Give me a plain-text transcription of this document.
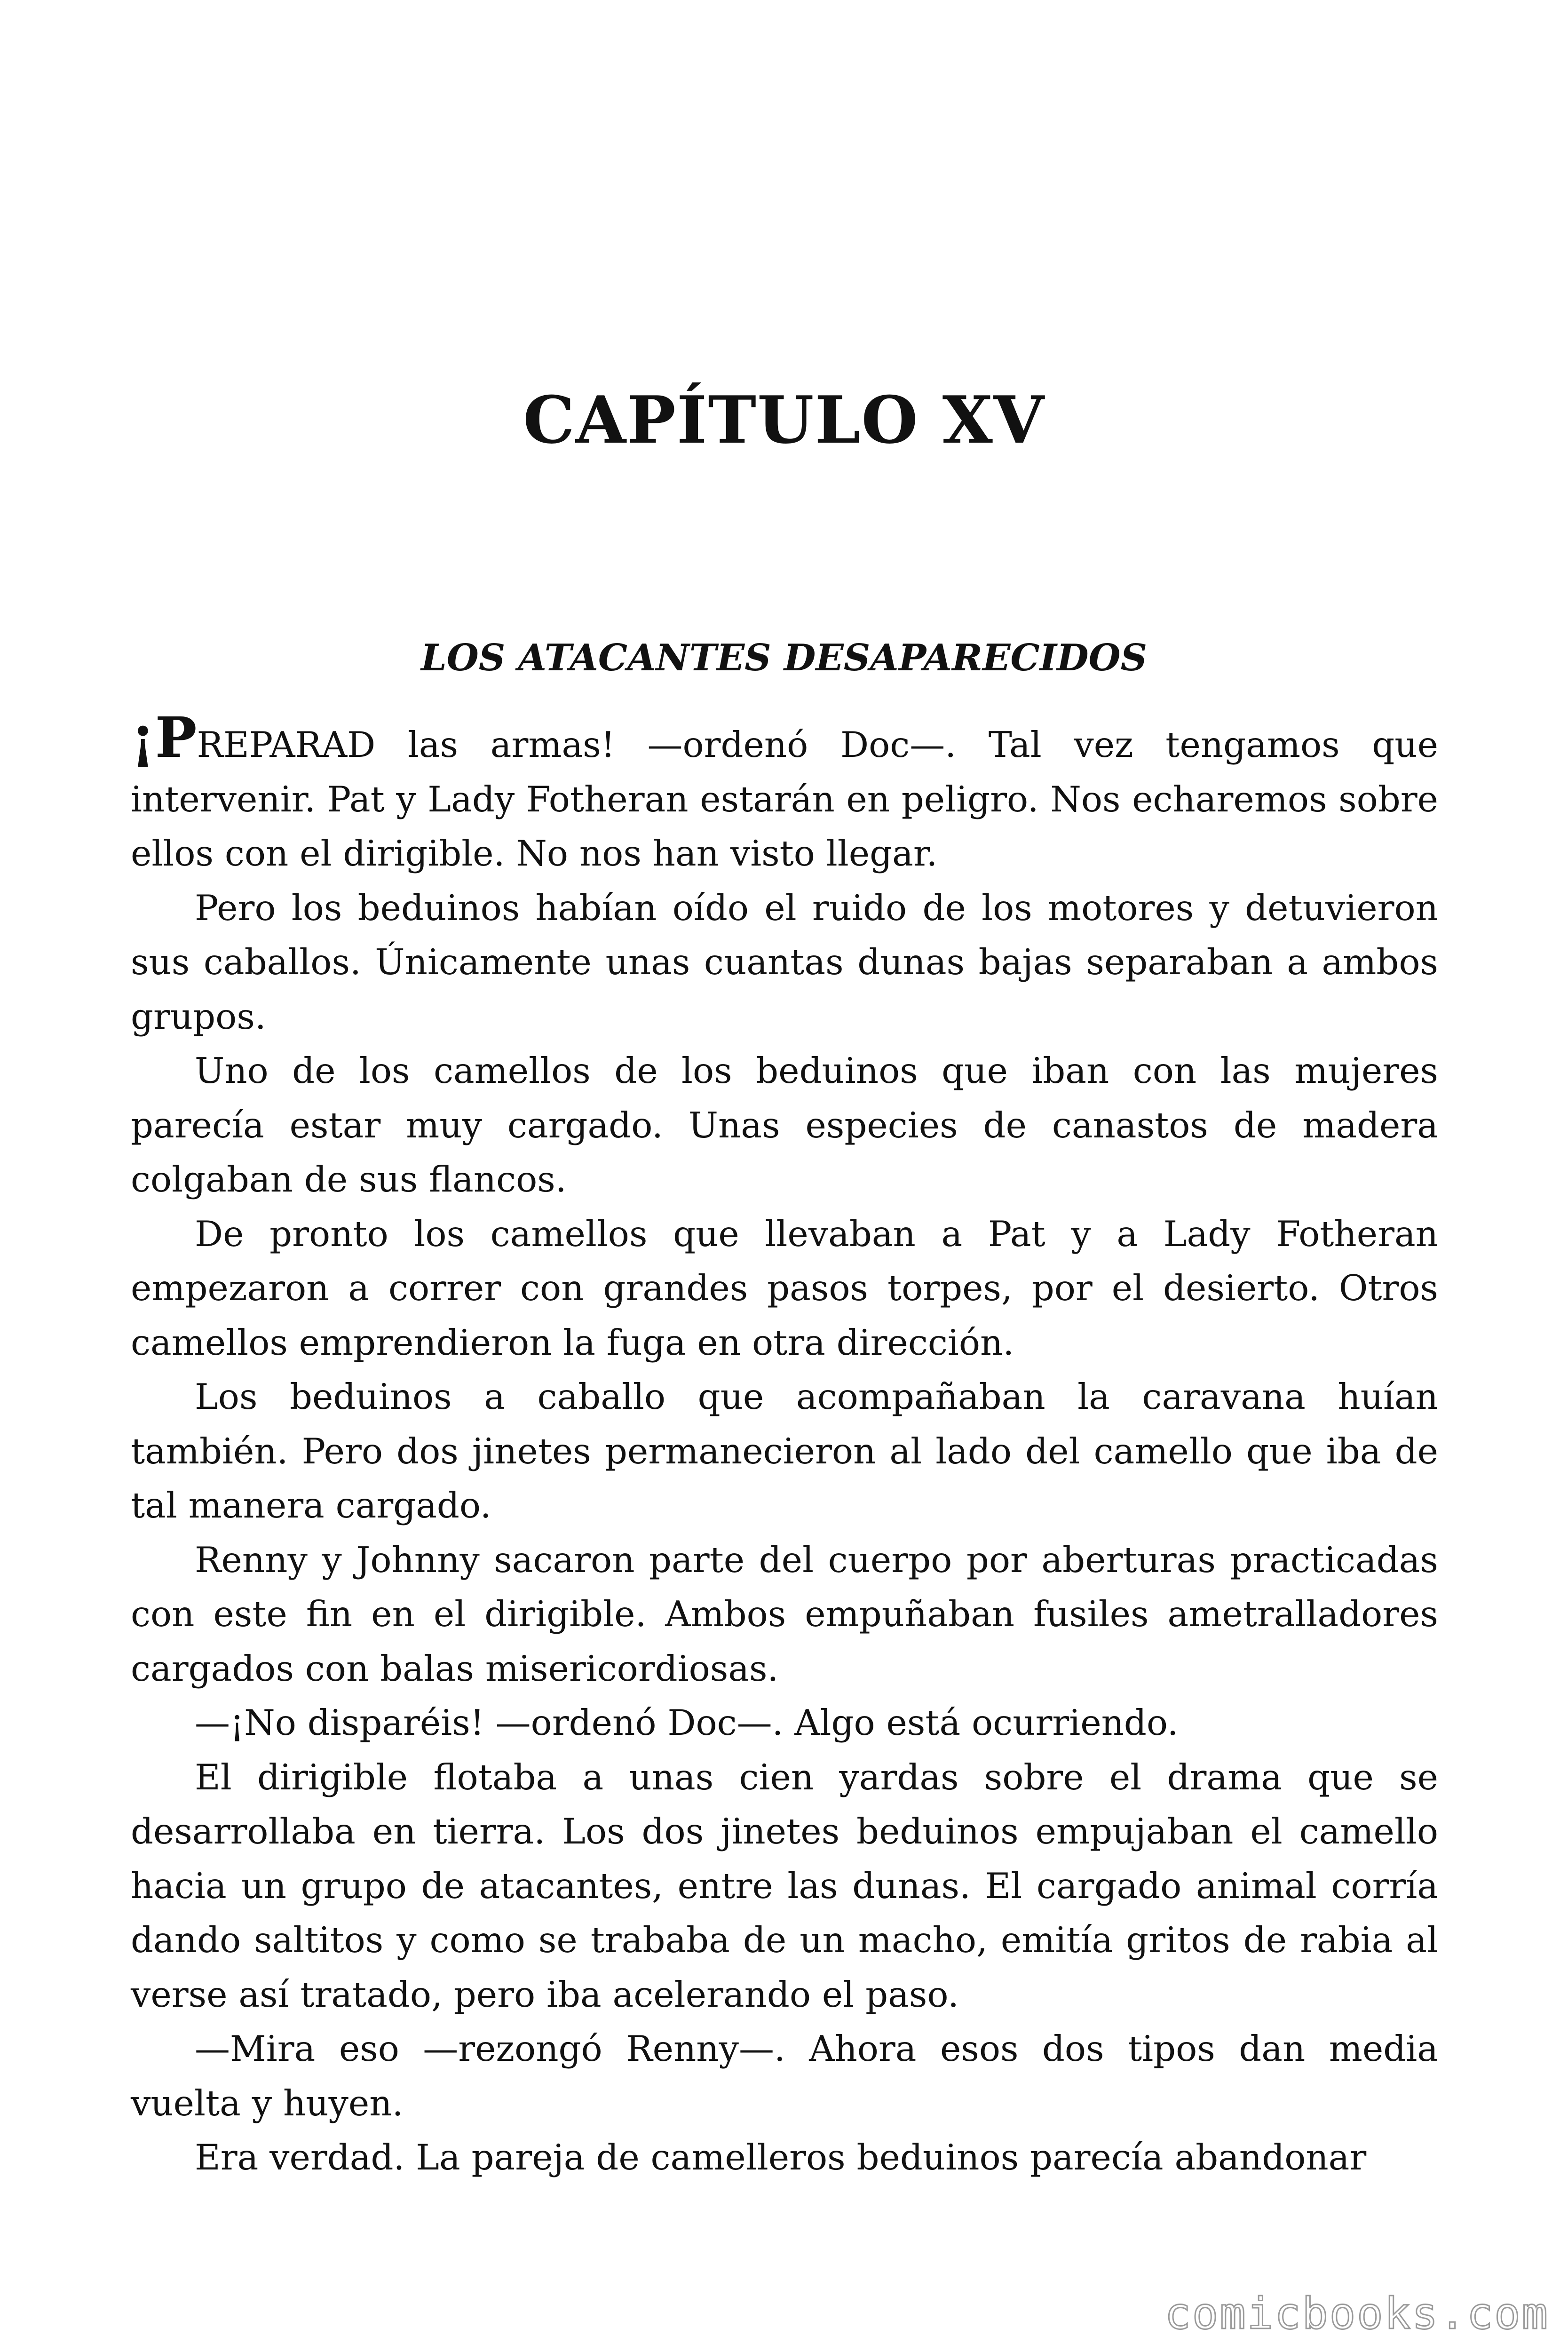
CAPÍTULO XV
LOS ATACANTES DESAPARECIDOS

¡PREPARAD las armas! —ordenó Doc—. Tal vez tengamos que intervenir. Pat y Lady Fotheran estarán en peligro. Nos echaremos sobre ellos con el dirigible. No nos han visto llegar.

Pero los beduinos habían oído el ruido de los motores y detuvieron sus caballos. Únicamente unas cuantas dunas bajas separaban a ambos grupos.

Uno de los camellos de los beduinos que iban con las mujeres parecía estar muy cargado. Unas especies de canastos de madera colgaban de sus flancos.

De pronto los camellos que llevaban a Pat y a Lady Fotheran empezaron a correr con grandes pasos torpes, por el desierto. Otros camellos emprendieron la fuga en otra dirección.

Los beduinos a caballo que acompañaban la caravana huían también. Pero dos jinetes permanecieron al lado del camello que iba de tal manera cargado.

Renny y Johnny sacaron parte del cuerpo por aberturas practicadas con este fin en el dirigible. Ambos empuñaban fusiles ametralladores cargados con balas misericordiosas.

—¡No disparéis! —ordenó Doc—. Algo está ocurriendo.

El dirigible flotaba a unas cien yardas sobre el drama que se desarrollaba en tierra. Los dos jinetes beduinos empujaban el camello hacia un grupo de atacantes, entre las dunas. El cargado animal corría dando saltitos y como se trababa de un macho, emitía gritos de rabia al verse así tratado, pero iba acelerando el paso.

—Mira eso —rezongó Renny—. Ahora esos dos tipos dan media vuelta y huyen.

Era verdad. La pareja de camelleros beduinos parecía abandonar

comicbooks.com
